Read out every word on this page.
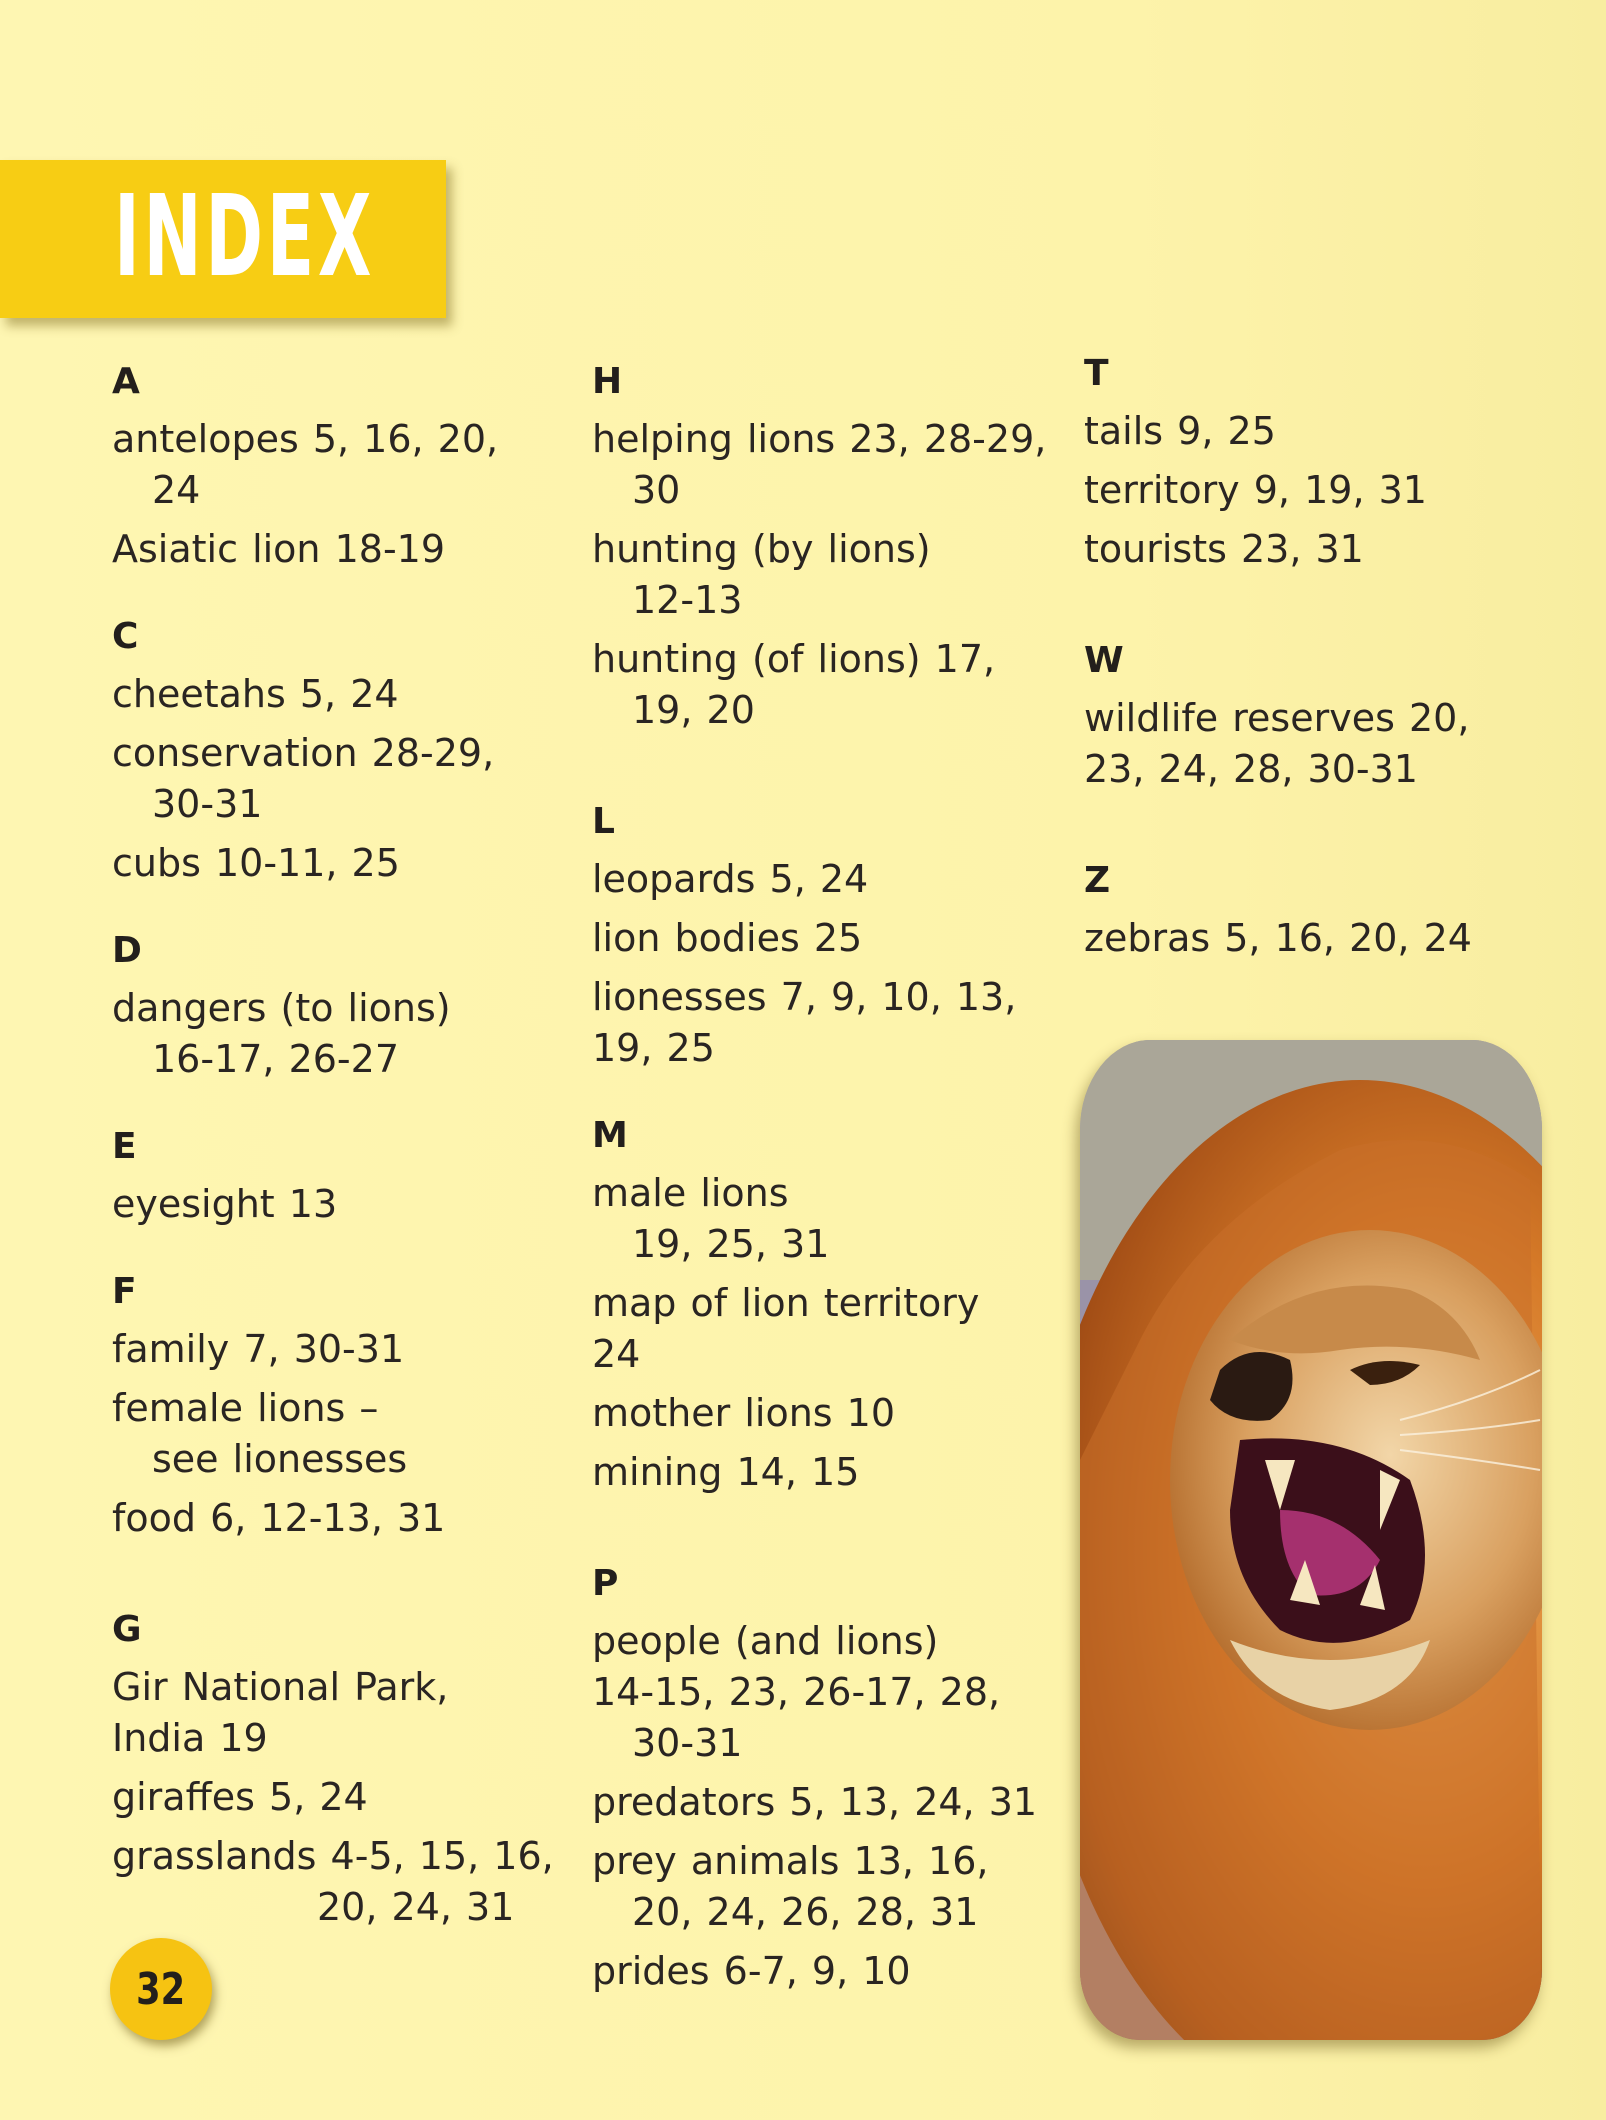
INDEX
A
antelopes 5, 16, 20,
24
Asiatic lion 18-19
C
cheetahs 5, 24
conservation 28-29,
30-31
cubs 10-11, 25
D
dangers (to lions)
16-17, 26-27
E
eyesight 13
F
family 7, 30-31
female lions –
see lionesses
food 6, 12-13, 31
G
Gir National Park,
India 19
giraffes 5, 24
grasslands 4-5, 15, 16,
20, 24, 31
H
helping lions 23, 28-29,
30
hunting (by lions)
12-13
hunting (of lions) 17,
19, 20
L
leopards 5, 24
lion bodies 25
lionesses 7, 9, 10, 13,
19, 25
M
male lions
19, 25, 31
map of lion territory
24
mother lions 10
mining 14, 15
P
people (and lions)
14-15, 23, 26-17, 28,
30-31
predators 5, 13, 24, 31
prey animals 13, 16,
20, 24, 26, 28, 31
prides 6-7, 9, 10
T
tails 9, 25
territory 9, 19, 31
tourists 23, 31
W
wildlife reserves 20,
23, 24, 28, 30-31
Z
zebras 5, 16, 20, 24
32
